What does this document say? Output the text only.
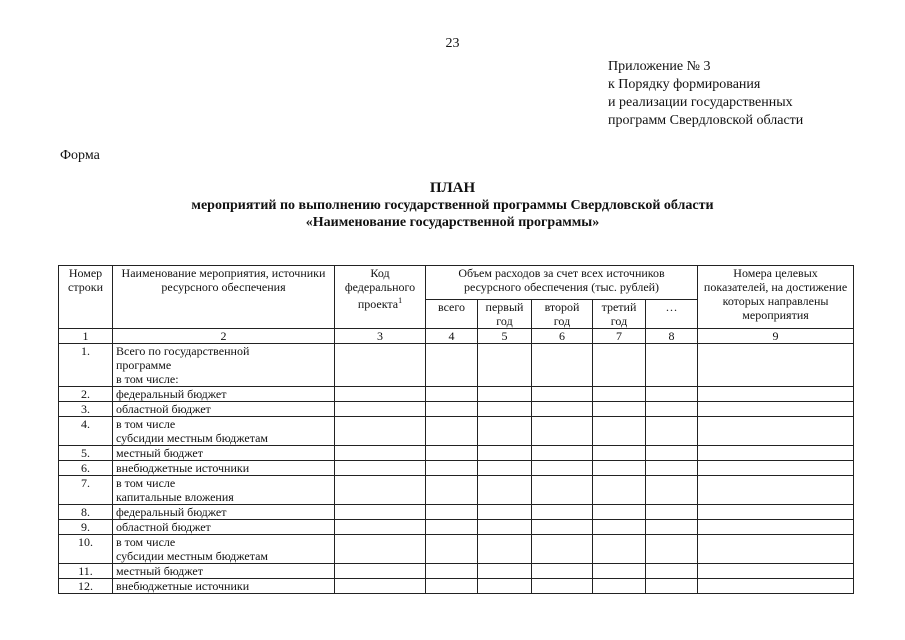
23
Приложение № 3
к Порядку формирования
и реализации государственных
программ Свердловской области
Форма
ПЛАН
мероприятий по выполнению государственной программы Свердловской области
«Наименование государственной программы»
Номер строки	Наименование мероприятия, источники ресурсного обеспечения	Код федерального проекта$^1$	Объем расходов за счет всех источников ресурсного обеспечения (тыс. рублей)					Номера целевых показателей, на достижение которых направлены мероприятия
			всего	первый год	второй год	третий год	…	
1	2	3	4	5	6	7	8	9
1.	Всего по государственной
программе
в том числе:							

2.	федеральный бюджет							

3.	областной бюджет							

4.	в том числе
субсидии местным бюджетам							

5.	местный бюджет							

6.	внебюджетные источники							

7.	в том числе
капитальные вложения							

8.	федеральный бюджет							

9.	областной бюджет							

10.	в том числе
субсидии местным бюджетам							

11.	местный бюджет							

12.	внебюджетные источники							
